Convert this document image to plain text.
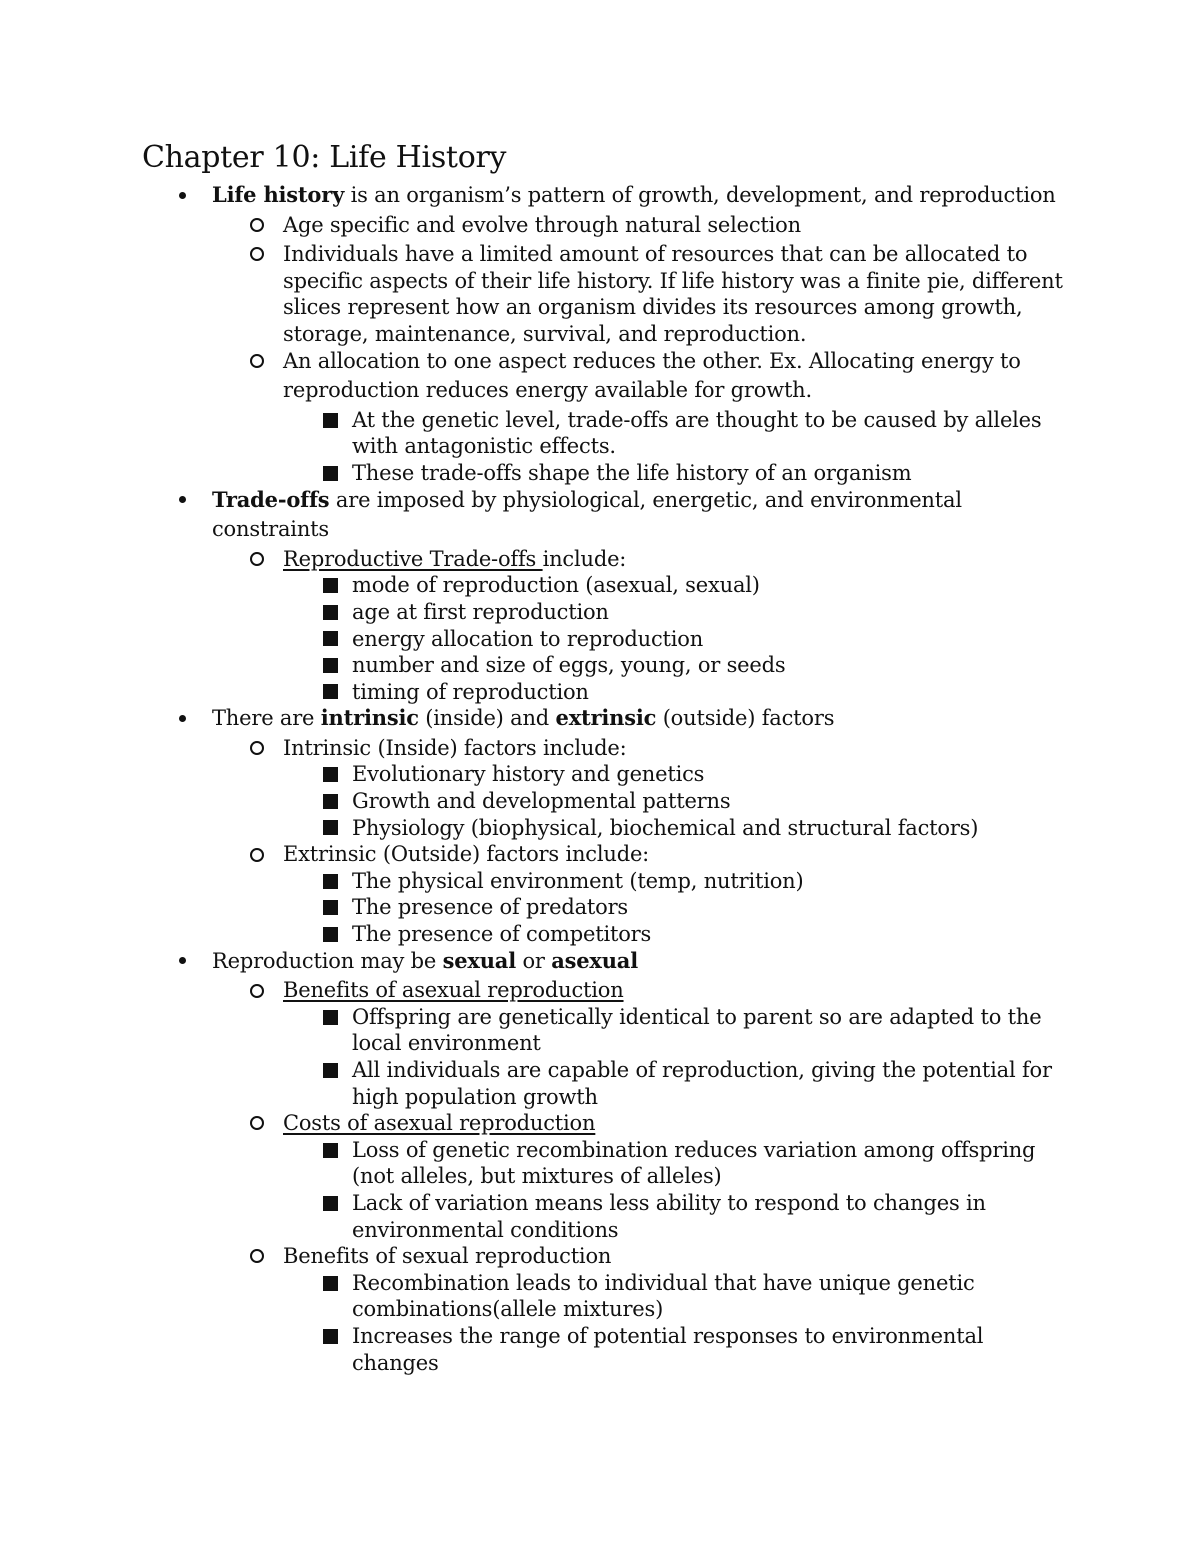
Chapter 10: Life History
Life history is an organism’s pattern of growth, development, and reproduction
Age specific and evolve through natural selection
Individuals have a limited amount of resources that can be allocated to
specific aspects of their life history. If life history was a finite pie, different
slices represent how an organism divides its resources among growth,
storage, maintenance, survival, and reproduction.
An allocation to one aspect reduces the other. Ex. Allocating energy to
reproduction reduces energy available for growth.
At the genetic level, trade-offs are thought to be caused by alleles
with antagonistic effects.
These trade-offs shape the life history of an organism
Trade-offs are imposed by physiological, energetic, and environmental
constraints
Reproductive Trade-offs include:
mode of reproduction (asexual, sexual)
age at first reproduction
energy allocation to reproduction
number and size of eggs, young, or seeds
timing of reproduction
There are intrinsic (inside) and extrinsic (outside) factors
Intrinsic (Inside) factors include:
Evolutionary history and genetics
Growth and developmental patterns
Physiology (biophysical, biochemical and structural factors)
Extrinsic (Outside) factors include:
The physical environment (temp, nutrition)
The presence of predators
The presence of competitors
Reproduction may be sexual or asexual
Benefits of asexual reproduction
Offspring are genetically identical to parent so are adapted to the
local environment
All individuals are capable of reproduction, giving the potential for
high population growth
Costs of asexual reproduction
Loss of genetic recombination reduces variation among offspring
(not alleles, but mixtures of alleles)
Lack of variation means less ability to respond to changes in
environmental conditions
Benefits of sexual reproduction
Recombination leads to individual that have unique genetic
combinations(allele mixtures)
Increases the range of potential responses to environmental
changes
